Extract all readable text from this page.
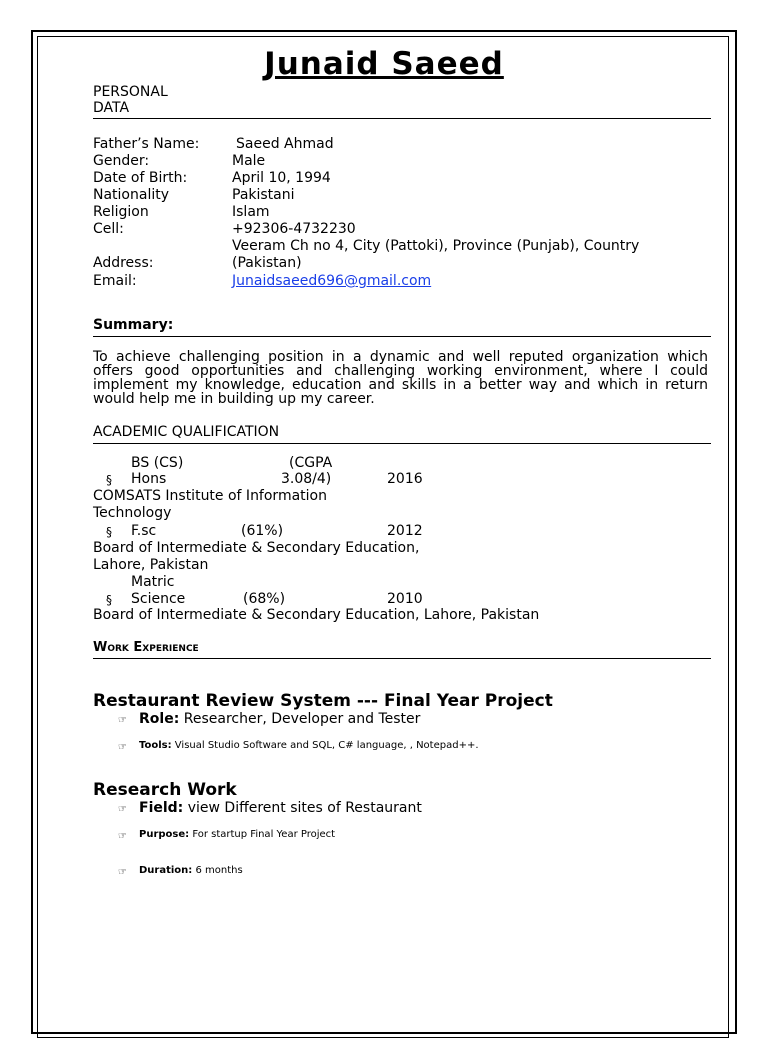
Junaid Saeed
PERSONAL
DATA
Father’s Name:	Saeed Ahmad
Gender:	Male
Date of Birth:	April 10, 1994
Nationality	Pakistani
Religion	Islam
Cell:	+92306-4732230
Veeram Ch no 4, City (Pattoki), Province (Punjab), Country
Address:	(Pakistan)
Email:	Junaidsaeed696@gmail.com
Summary:
To achieve challenging position in a dynamic and well reputed organization which offers good opportunities and challenging working environment, where I could implement my knowledge, education and skills in a better way and which in return would help me in building up my career.
ACADEMIC QUALIFICATION
BS (CS)	(CGPA
§ Hons	3.08/4)	2016
COMSATS Institute of Information
Technology
§ F.sc	(61%)	2012
Board of Intermediate & Secondary Education,
Lahore, Pakistan
Matric
§ Science	(68%)	2010
Board of Intermediate & Secondary Education, Lahore, Pakistan
Work Experience
Restaurant Review System --- Final Year Project
☞ Role: Researcher, Developer and Tester
☞ Tools: Visual Studio Software and SQL, C# language, , Notepad++.
Research Work
☞ Field: view Different sites of Restaurant
☞ Purpose: For startup Final Year Project
☞ Duration: 6 months
